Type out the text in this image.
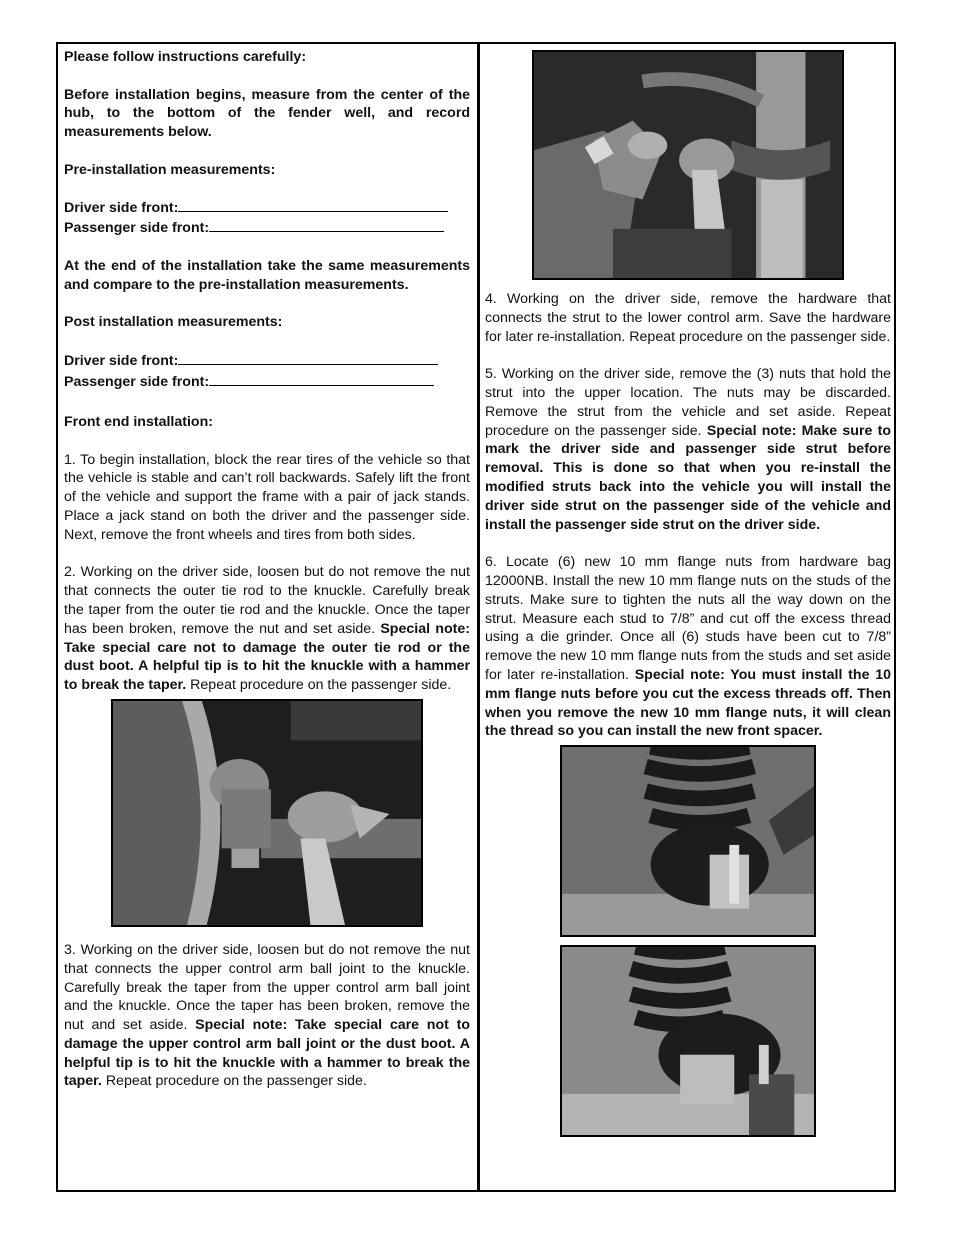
Please follow instructions carefully:

Before installation begins, measure from the center of the hub, to the bottom of the fender well, and record measurements below.

Pre-installation measurements:

Driver side front:

Passenger side front:

At the end of the installation take the same measurements and compare to the pre-installation measurements.

Post installation measurements:

Driver side front:

Passenger side front:

Front end installation:

1. To begin installation, block the rear tires of the vehicle so that the vehicle is stable and can’t roll backwards. Safely lift the front of the vehicle and support the frame with a pair of jack stands. Place a jack stand on both the driver and the passenger side. Next, remove the front wheels and tires from both sides.

2. Working on the driver side, loosen but do not remove the nut that connects the outer tie rod to the knuckle. Carefully break the taper from the outer tie rod and the knuckle. Once the taper has been broken, remove the nut and set aside. Special note: Take special care not to damage the outer tie rod or the dust boot. A helpful tip is to hit the knuckle with a hammer to break the taper. Repeat procedure on the passenger side.

3. Working on the driver side, loosen but do not remove the nut that connects the upper control arm ball joint to the knuckle. Carefully break the taper from the upper control arm ball joint and the knuckle. Once the taper has been broken, remove the nut and set aside. Special note: Take special care not to damage the upper control arm ball joint or the dust boot. A helpful tip is to hit the knuckle with a hammer to break the taper. Repeat procedure on the passenger side.

4. Working on the driver side, remove the hardware that connects the strut to the lower control arm. Save the hardware for later re-installation. Repeat procedure on the passenger side.

5. Working on the driver side, remove the (3) nuts that hold the strut into the upper location. The nuts may be discarded. Remove the strut from the vehicle and set aside. Repeat procedure on the passenger side. Special note: Make sure to mark the driver side and passenger side strut before removal. This is done so that when you re-install the modified struts back into the vehicle you will install the driver side strut on the passenger side of the vehicle and install the passenger side strut on the driver side.

6. Locate (6) new 10 mm flange nuts from hardware bag 12000NB. Install the new 10 mm flange nuts on the studs of the struts. Make sure to tighten the nuts all the way down on the strut. Measure each stud to 7/8” and cut off the excess thread using a die grinder. Once all (6) studs have been cut to 7/8” remove the new 10 mm flange nuts from the studs and set aside for later re-installation. Special note: You must install the 10 mm flange nuts before you cut the excess threads off. Then when you remove the new 10 mm flange nuts, it will clean the thread so you can install the new front spacer.
